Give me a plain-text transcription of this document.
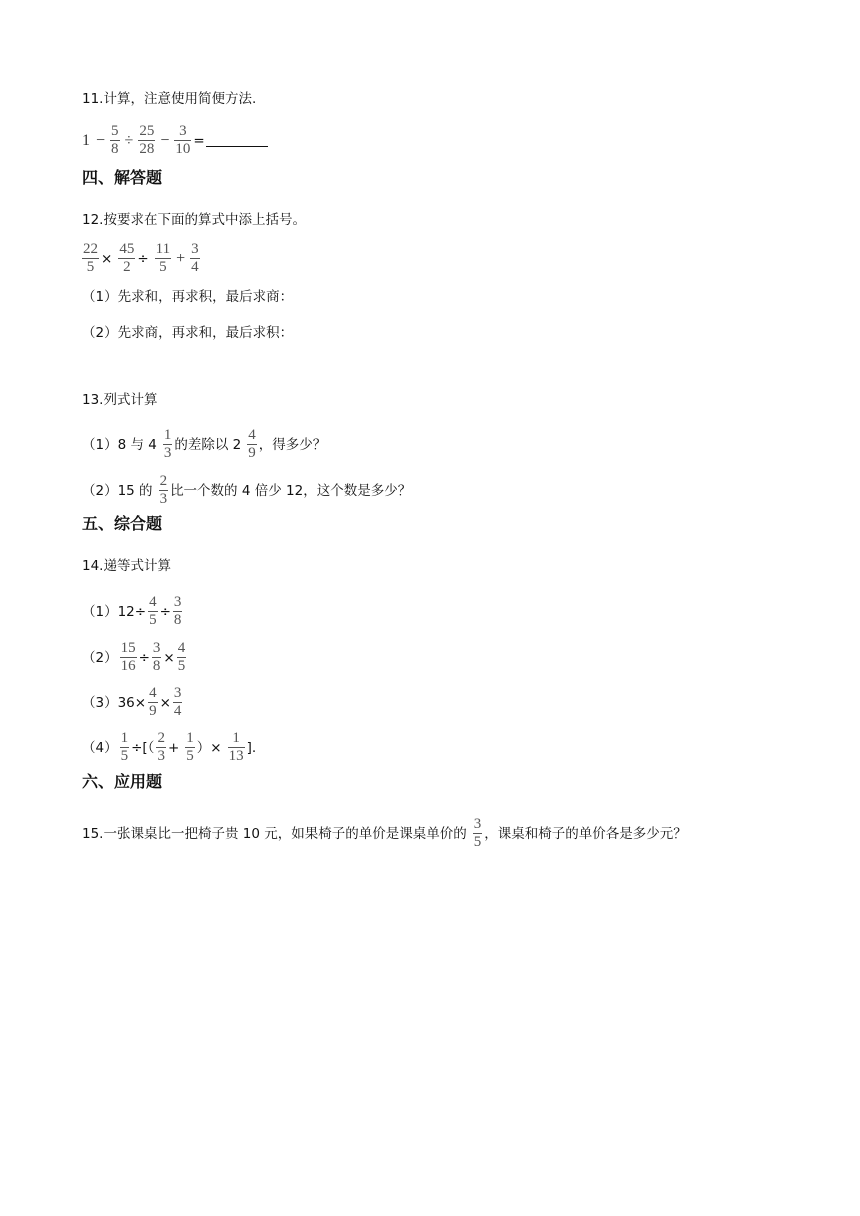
11.计算，注意使用简便方法.
$1 - \frac{5}{8} \div \frac{25}{28} - \frac{3}{10}$ =
四、解答题
12.按要求在下面的算式中添上括号。
$\frac{22}{5} \times \frac{45}{2} \div \frac{11}{5} + \frac{3}{4}$
（1）先求和，再求积，最后求商：
（2）先求商，再求和，最后求积：
13.列式计算
（1）8 与 $4 \frac{1}{3}$ 的差除以 $2 \frac{4}{9}$ ，得多少？
（2）15 的 $\frac{2}{3}$ 比一个数的 4 倍少 12，这个数是多少？
五、综合题
14.递等式计算
$(1)12\div \frac{4}{5} \div \frac{3}{8}$
$(2) \frac{15}{16} \div \frac{3}{8} \times \frac{4}{5}$
$(3)36\times \frac{4}{9} \times \frac{3}{4}$
$(4) \frac{1}{5}$ ÷[（ $\frac{2}{3} + \frac{1}{5}$ ）× $\frac{1}{13}$ ].
六、应用题
15.一张课桌比一把椅子贵 10 元，如果椅子的单价是课桌单价的 $\frac{3}{5}$ ，课桌和椅子的单价各是多少元？
